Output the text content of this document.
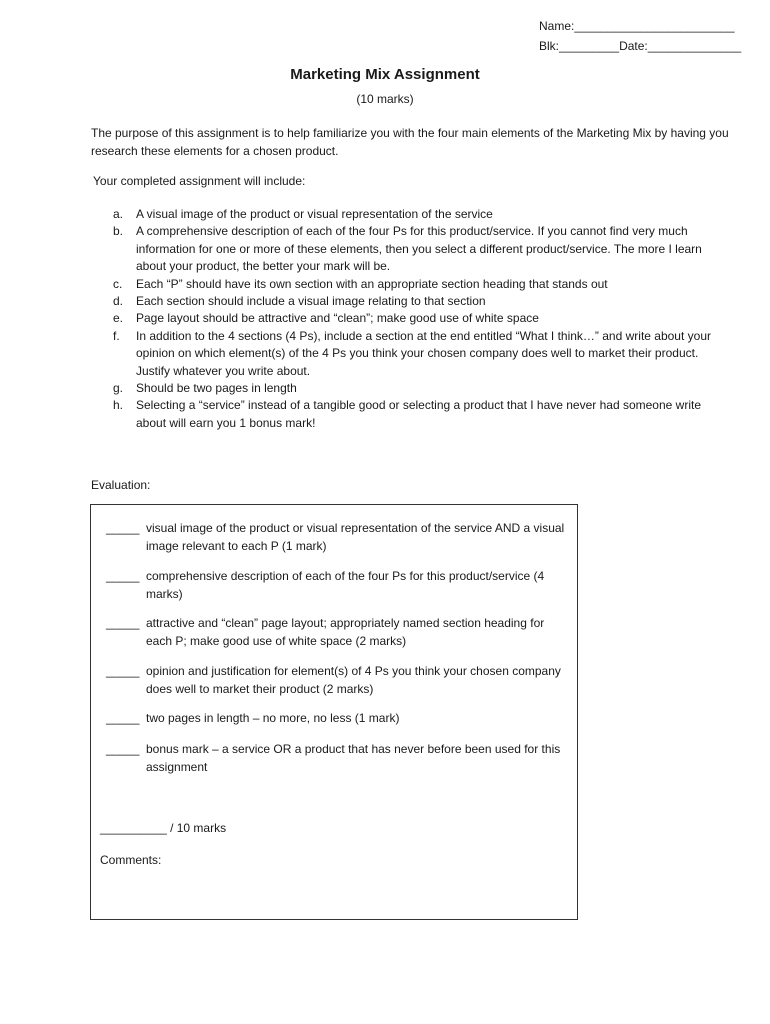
Name:________________________
Blk:_________Date:______________
Marketing Mix Assignment
(10 marks)

The purpose of this assignment is to help familiarize you with the four main elements of the Marketing Mix by having you research these elements for a chosen product.

Your completed assignment will include:

a. A visual image of the product or visual representation of the service
b. A comprehensive description of each of the four Ps for this product/service. If you cannot find very much information for one or more of these elements, then you select a different product/service. The more I learn about your product, the better your mark will be.
c. Each “P” should have its own section with an appropriate section heading that stands out
d. Each section should include a visual image relating to that section
e. Page layout should be attractive and “clean”; make good use of white space
f. In addition to the 4 sections (4 Ps), include a section at the end entitled “What I think…” and write about your opinion on which element(s) of the 4 Ps you think your chosen company does well to market their product. Justify whatever you write about.
g. Should be two pages in length
h. Selecting a “service” instead of a tangible good or selecting a product that I have never had someone write about will earn you 1 bonus mark!
Evaluation:
_____ visual image of the product or visual representation of the service AND a visual image relevant to each P (1 mark)
_____ comprehensive description of each of the four Ps for this product/service (4 marks)
_____ attractive and “clean” page layout; appropriately named section heading for each P; make good use of white space (2 marks)
_____ opinion and justification for element(s) of 4 Ps you think your chosen company does well to market their product (2 marks)
_____ two pages in length – no more, no less (1 mark)
_____ bonus mark – a service OR a product that has never before been used for this assignment
__________ / 10 marks
Comments:
